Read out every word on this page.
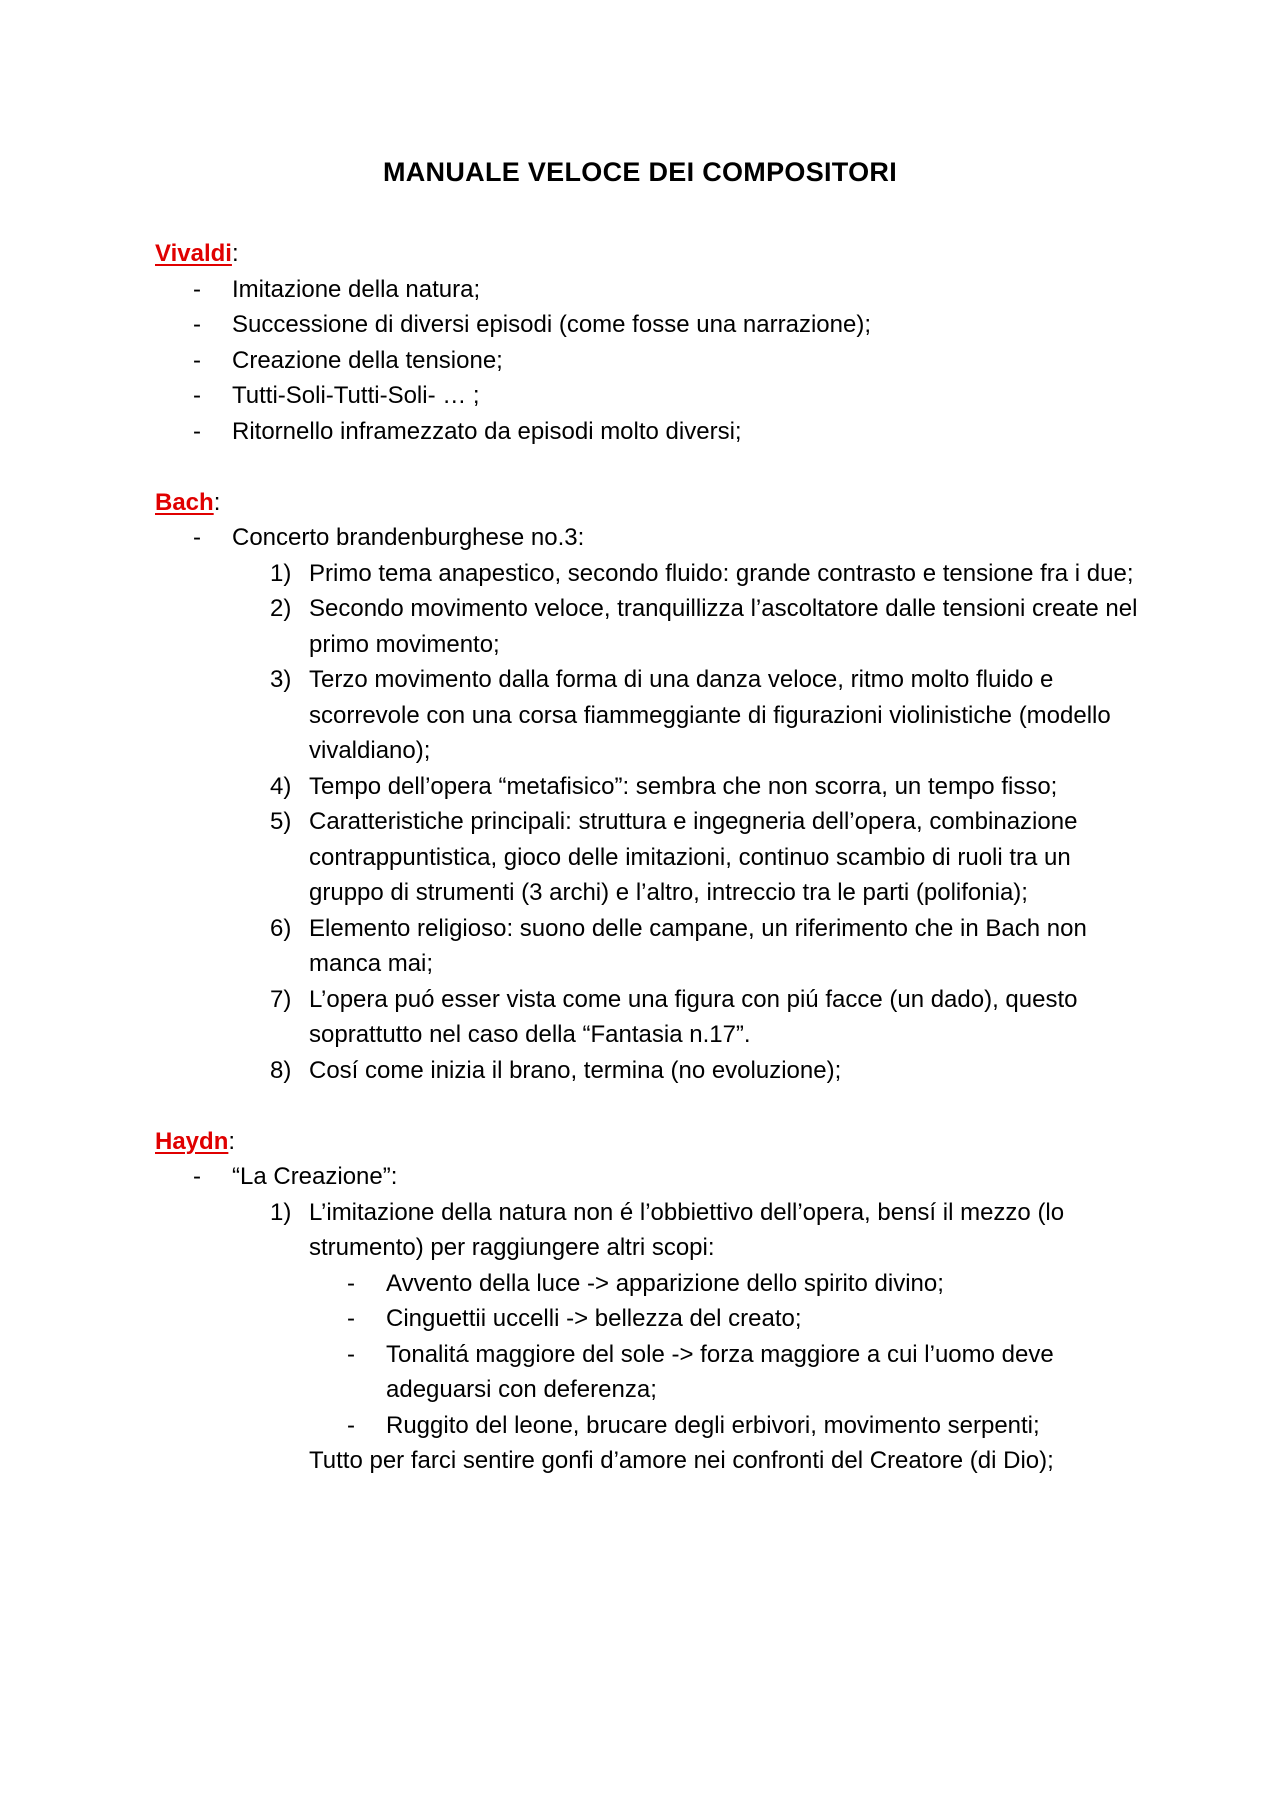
MANUALE VELOCE DEI COMPOSITORI

Vivaldi:

- Imitazione della natura;
- Successione di diversi episodi (come fosse una narrazione);
- Creazione della tensione;
- Tutti-Soli-Tutti-Soli- … ;
- Ritornello inframezzato da episodi molto diversi;

Bach:

- Concerto brandenburghese no.3:
1) Primo tema anapestico, secondo fluido: grande contrasto e tensione fra i due;
2) Secondo movimento veloce, tranquillizza l’ascoltatore dalle tensioni create nel primo movimento;
3) Terzo movimento dalla forma di una danza veloce, ritmo molto fluido e scorrevole con una corsa fiammeggiante di figurazioni violinistiche (modello vivaldiano);
4) Tempo dell’opera “metafisico”: sembra che non scorra, un tempo fisso;
5) Caratteristiche principali: struttura e ingegneria dell’opera, combinazione contrappuntistica, gioco delle imitazioni, continuo scambio di ruoli tra un gruppo di strumenti (3 archi) e l’altro, intreccio tra le parti (polifonia);
6) Elemento religioso: suono delle campane, un riferimento che in Bach non manca mai;
7) L’opera puó esser vista come una figura con piú facce (un dado), questo soprattutto nel caso della “Fantasia n.17”.
8) Cosí come inizia il brano, termina (no evoluzione);

Haydn:

- “La Creazione”:
1) L’imitazione della natura non é l’obbiettivo dell’opera, bensí il mezzo (lo strumento) per raggiungere altri scopi:
- Avvento della luce -> apparizione dello spirito divino;
- Cinguettii uccelli -> bellezza del creato;
- Tonalitá maggiore del sole -> forza maggiore a cui l’uomo deve adeguarsi con deferenza;
- Ruggito del leone, brucare degli erbivori, movimento serpenti;
Tutto per farci sentire gonfi d’amore nei confronti del Creatore (di Dio);
